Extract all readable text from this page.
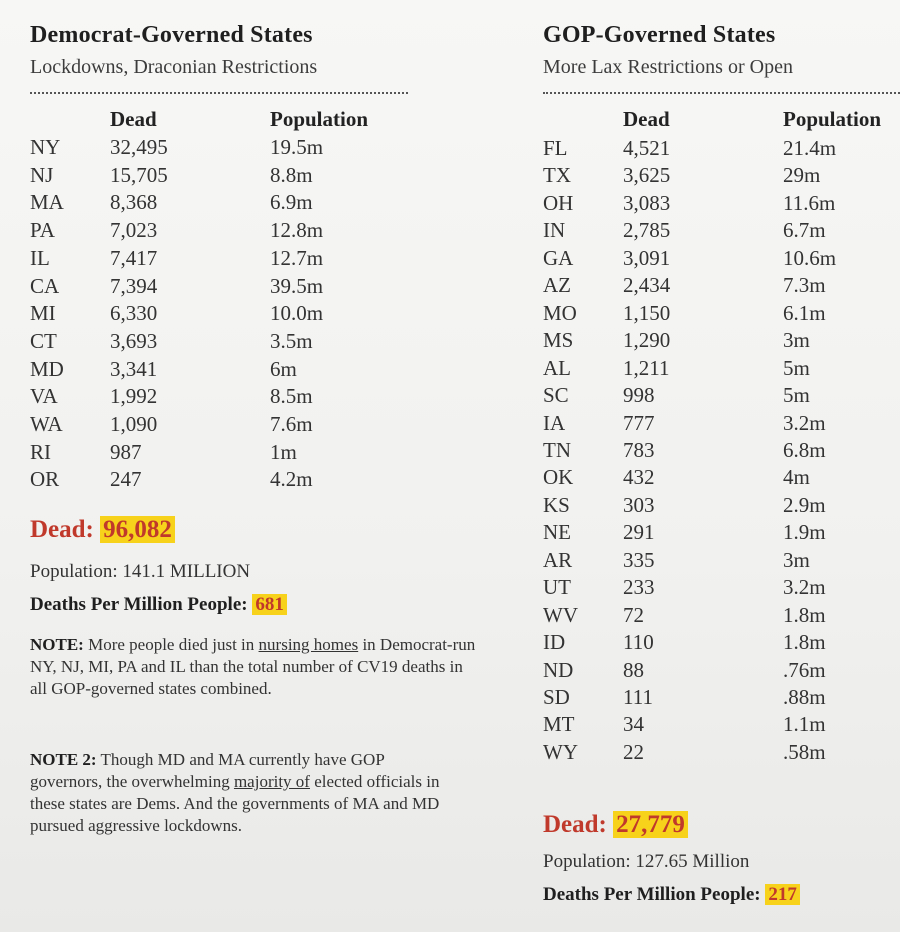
Democrat-Governed States
Lockdowns, Draconian Restrictions
Dead	Population
NY 32,495	19.5m
NJ	15,705	8.8m
MA 8,368	6.9m
PA	7,023	12.8m
IL	7,417	12.7m
CA 7,394	39.5m
MI	6,330	10.0m
CT	3,693	3.5m
MD 3,341	6m
VA 1,992	8.5m
WA 1,090	7.6m
RI	987	1m
OR 247	4.2m
Dead: 96,082
Population: 141.1 MILLION
Deaths Per Million People: 681
NOTE: More people died just in nursing homes in Democrat-run NY, NJ, MI, PA and IL than the total number of CV19 deaths in all GOP-governed states combined.
NOTE 2: Though MD and MA currently have GOP governors, the overwhelming majority of elected officials in these states are Dems. And the governments of MA and MD pursued aggressive lockdowns.
GOP-Governed States
More Lax Restrictions or Open
Dead	Population
FL	4,521	21.4m
TX 3,625	29m
OH 3,083	11.6m
IN	2,785	6.7m
GA 3,091	10.6m
AZ 2,434	7.3m
MO 1,150	6.1m
MS 1,290	3m
AL 1,211	5m
SC	998	5m
IA	777	3.2m
TN 783	6.8m
OK 432	4m
KS	303	2.9m
NE 291	1.9m
AR 335	3m
UT 233	3.2m
WV 72	1.8m
ID	110	1.8m
ND 88	.76m
SD	111	.88m
MT 34	1.1m
WY 22	.58m
Dead: 27,779
Population: 127.65 Million
Deaths Per Million People: 217
